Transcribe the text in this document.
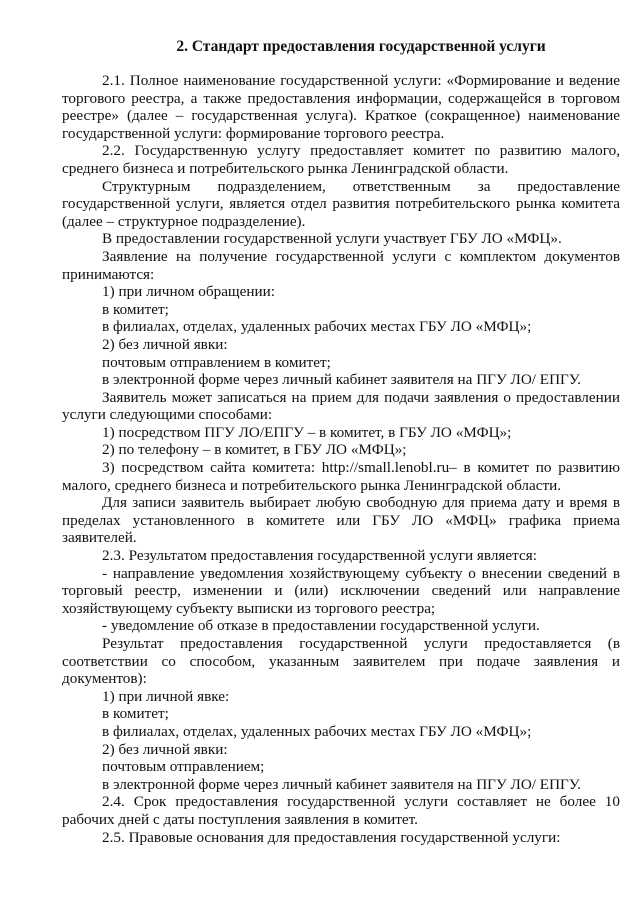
2. Стандарт предоставления государственной услуги

2.1. Полное наименование государственной услуги: «Формирование и ведение торгового реестра, а также предоставления информации, содержащейся в торговом реестре» (далее – государственная услуга). Краткое (сокращенное) наименование государственной услуги: формирование торгового реестра.

2.2. Государственную услугу предоставляет комитет по развитию малого, среднего бизнеса и потребительского рынка Ленинградской области.

Структурным подразделением, ответственным за предоставление государственной услуги, является отдел развития потребительского рынка комитета (далее – структурное подразделение).

В предоставлении государственной услуги участвует ГБУ ЛО «МФЦ».

Заявление на получение государственной услуги с комплектом документов принимаются:

1) при личном обращении:

в комитет;

в филиалах, отделах, удаленных рабочих местах ГБУ ЛО «МФЦ»;

2) без личной явки:

почтовым отправлением в комитет;

в электронной форме через личный кабинет заявителя на ПГУ ЛО/ ЕПГУ.

Заявитель может записаться на прием для подачи заявления о предоставлении услуги следующими способами:

1) посредством ПГУ ЛО/ЕПГУ – в комитет, в ГБУ ЛО «МФЦ»;

2) по телефону – в комитет, в ГБУ ЛО «МФЦ»;

3) посредством сайта комитета: http://small.lenobl.ru– в комитет по развитию малого, среднего бизнеса и потребительского рынка Ленинградской области.

Для записи заявитель выбирает любую свободную для приема дату и время в пределах установленного в комитете или ГБУ ЛО «МФЦ» графика приема заявителей.

2.3. Результатом предоставления государственной услуги является:

- направление уведомления хозяйствующему субъекту о внесении сведений в торговый реестр, изменении и (или) исключении сведений или направление хозяйствующему субъекту выписки из торгового реестра;

- уведомление об отказе в предоставлении государственной услуги.

Результат предоставления государственной услуги предоставляется (в соответствии со способом, указанным заявителем при подаче заявления и документов):

1) при личной явке:

в комитет;

в филиалах, отделах, удаленных рабочих местах ГБУ ЛО «МФЦ»;

2) без личной явки:

почтовым отправлением;

в электронной форме через личный кабинет заявителя на ПГУ ЛО/ ЕПГУ.

2.4. Срок предоставления государственной услуги составляет не более 10 рабочих дней с даты поступления заявления в комитет.

2.5. Правовые основания для предоставления государственной услуги:
